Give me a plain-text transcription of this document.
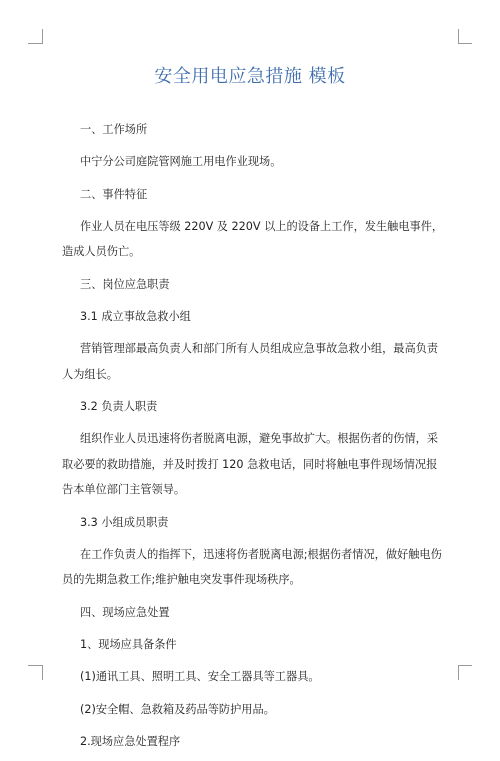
安全用电应急措施 模板

一、工作场所

中宁分公司庭院管网施工用电作业现场。

二、事件特征

作业人员在电压等级 220V 及 220V 以上的设备上工作，发生触电事件，造成人员伤亡。

三、岗位应急职责

3.1 成立事故急救小组

营销管理部最高负责人和部门所有人员组成应急事故急救小组，最高负责人为组长。

3.2 负责人职责

组织作业人员迅速将伤者脱离电源，避免事故扩大。根据伤者的伤情，采取必要的救助措施，并及时拨打 120 急救电话，同时将触电事件现场情况报告本单位部门主管领导。

3.3 小组成员职责

在工作负责人的指挥下，迅速将伤者脱离电源;根据伤者情况，做好触电伤员的先期急救工作;维护触电突发事件现场秩序。

四、现场应急处置

1、现场应具备条件

(1)通讯工具、照明工具、安全工器具等工器具。

(2)安全帽、急救箱及药品等防护用品。

2.现场应急处置程序
